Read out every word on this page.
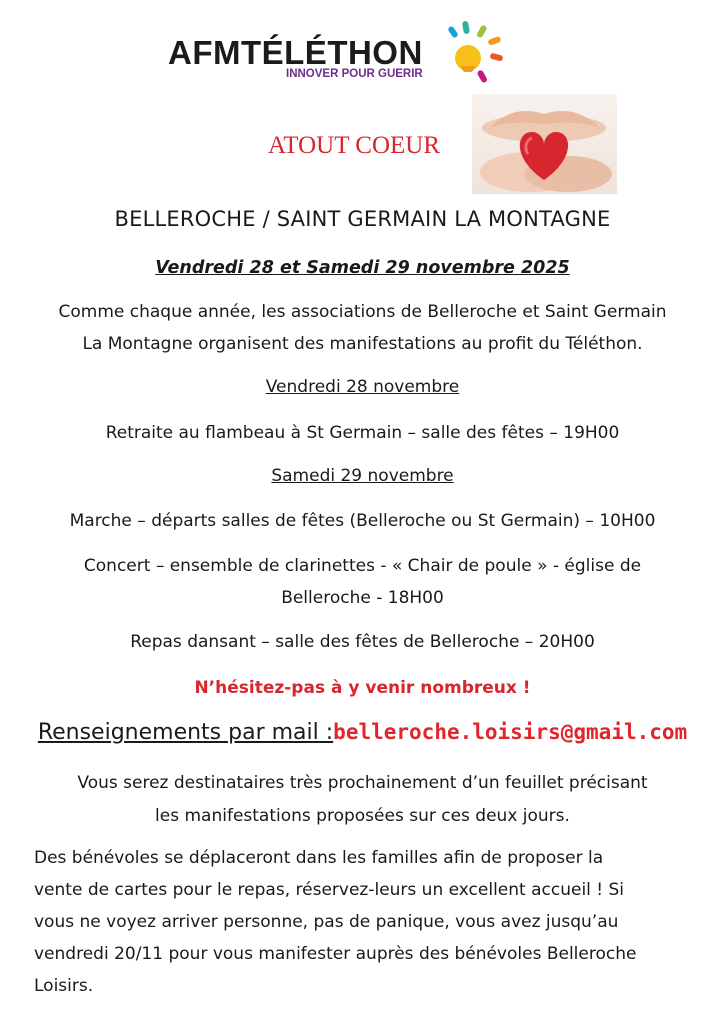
AFMTÉLÉTHON
INNOVER POUR GUERIR
ATOUT COEUR
BELLEROCHE / SAINT GERMAIN LA MONTAGNE
Vendredi 28 et Samedi 29 novembre 2025
Comme chaque année, les associations de Belleroche et Saint Germain
La Montagne organisent des manifestations au profit du Téléthon.
Vendredi 28 novembre
Retraite au flambeau à St Germain – salle des fêtes – 19H00
Samedi 29 novembre
Marche – départs salles de fêtes (Belleroche ou St Germain) – 10H00
Concert – ensemble de clarinettes - « Chair de poule » - église de
Belleroche - 18H00
Repas dansant – salle des fêtes de Belleroche – 20H00
N’hésitez-pas à y venir nombreux !
Renseignements par mail :belleroche.loisirs@gmail.com
Vous serez destinataires très prochainement d’un feuillet précisant
les manifestations proposées sur ces deux jours.
Des bénévoles se déplaceront dans les familles afin de proposer la
vente de cartes pour le repas, réservez-leurs un excellent accueil ! Si
vous ne voyez arriver personne, pas de panique, vous avez jusqu’au
vendredi 20/11 pour vous manifester auprès des bénévoles Belleroche
Loisirs.
